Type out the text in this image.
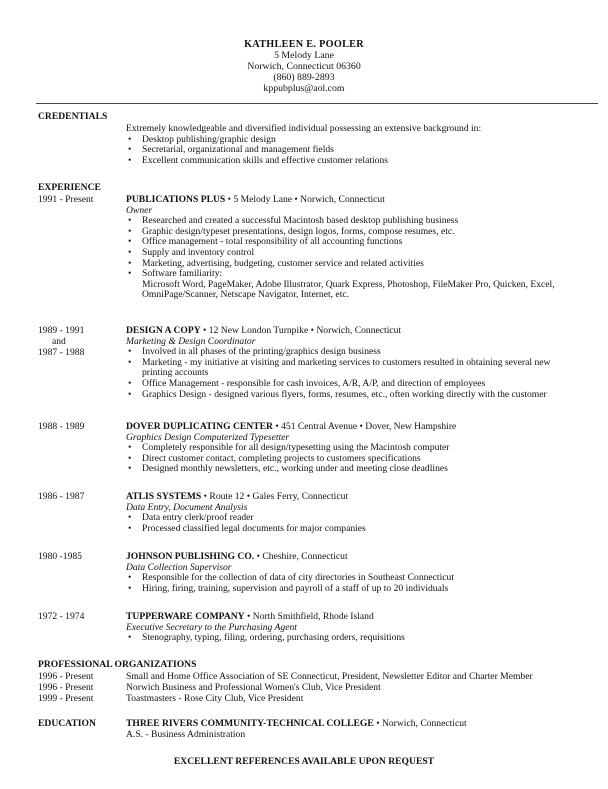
KATHLEEN E. POOLER
5 Melody Lane
Norwich, Connecticut 06360
(860) 889-2893
kppubplus@aol.com
CREDENTIALS
Extremely knowledgeable and diversified individual possessing an extensive background in:
• Desktop publishing/graphic design
• Secretarial, organizational and management fields
• Excellent communication skills and effective customer relations
EXPERIENCE
1991 - Present	PUBLICATIONS PLUS • 5 Melody Lane • Norwich, Connecticut
Owner
• Researched and created a successful Macintosh based desktop publishing business
• Graphic design/typeset presentations, design logos, forms, compose resumes, etc.
• Office management - total responsibility of all accounting functions
• Supply and inventory control
• Marketing, advertising, budgeting, customer service and related activities
• Software familiarity:
Microsoft Word, PageMaker, Adobe Illustrator, Quark Express, Photoshop, FileMaker Pro, Quicken, Excel,
OmniPage/Scanner, Netscape Navigator, Internet, etc.
1989 - 1991
and
1987 - 1988
DESIGN A COPY • 12 New London Turnpike • Norwich, Connecticut
Marketing & Design Coordinator
• Involved in all phases of the printing/graphics design business
• Marketing - my initiative at visiting and marketing services to customers resulted in obtaining several new
printing accounts
• Office Management - responsible for cash invoices, A/R, A/P, and direction of employees
• Graphics Design - designed various flyers, forms, resumes, etc., often working directly with the customer
1988 - 1989	DOVER DUPLICATING CENTER • 451 Central Avenue • Dover, New Hampshire
Graphics Design Computerized Typesetter
• Completely responsible for all design/typesetting using the Macintosh computer
• Direct customer contact, completing projects to customers specifications
• Designed monthly newsletters, etc., working under and meeting close deadlines
1986 - 1987	ATLIS SYSTEMS • Route 12 • Gales Ferry, Connecticut
Data Entry, Document Analysis
• Data entry clerk/proof reader
• Processed classified legal documents for major companies
1980 -1985	JOHNSON PUBLISHING CO. • Cheshire, Connecticut
Data Collection Supervisor
• Responsible for the collection of data of city directories in Southeast Connecticut
• Hiring, firing, training, supervision and payroll of a staff of up to 20 individuals
1972 - 1974	TUPPERWARE COMPANY • North Smithfield, Rhode Island
Executive Secretary to the Purchasing Agent
• Stenography, typing, filing, ordering, purchasing orders, requisitions
PROFESSIONAL ORGANIZATIONS
1996 - Present	Small and Home Office Association of SE Connecticut, President, Newsletter Editor and Charter Member
1996 - Present	Norwich Business and Professional Women's Club, Vice President
1999 - Present	Toastmasters - Rose City Club, Vice President
EDUCATION	THREE RIVERS COMMUNITY-TECHNICAL COLLEGE • Norwich, Connecticut
A.S. - Business Administration
EXCELLENT REFERENCES AVAILABLE UPON REQUEST
